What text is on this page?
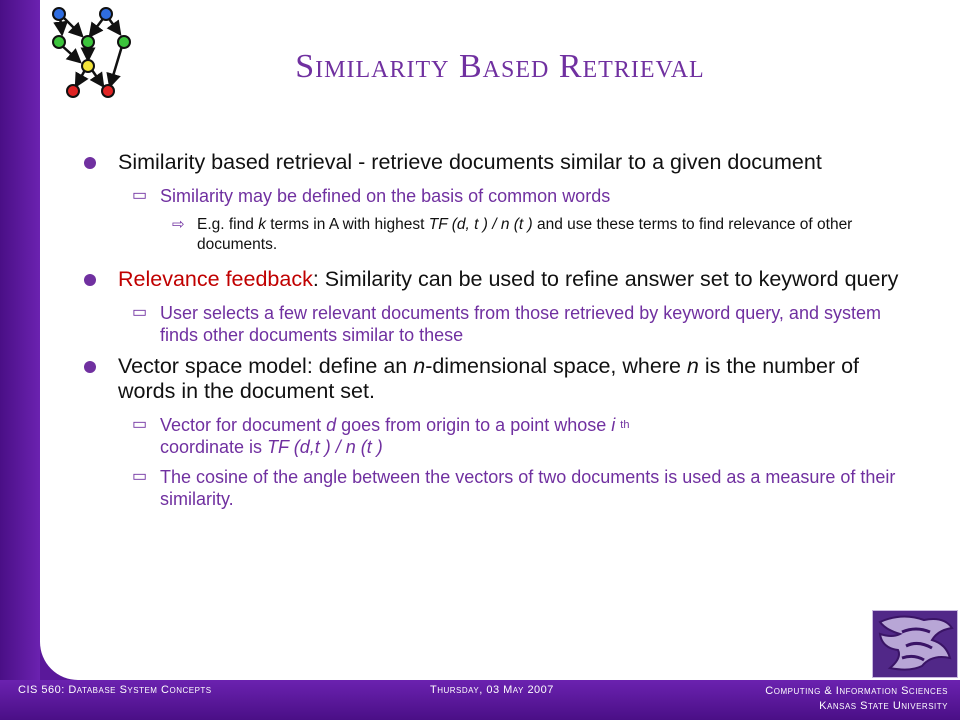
Similarity Based Retrieval
Similarity based retrieval - retrieve documents similar to a given document
▭ Similarity may be defined on the basis of common words
⇨ E.g. find k terms in A with highest TF (d, t ) / n (t ) and use these terms to find relevance of other documents.
Relevance feedback: Similarity can be used to refine answer set to keyword query
▭ User selects a few relevant documents from those retrieved by keyword query, and system finds other documents similar to these
Vector space model: define an n-dimensional space, where n is the number of words in the document set.
▭ Vector for document d goes from origin to a point whose i $^{th}$
coordinate is TF (d,t ) / n (t )
▭ The cosine of the angle between the vectors of two documents is used as a measure of their similarity.
CIS 560: Database System Concepts	Thursday, 03 May 2007	Computing & Information Sciences
Kansas State University
